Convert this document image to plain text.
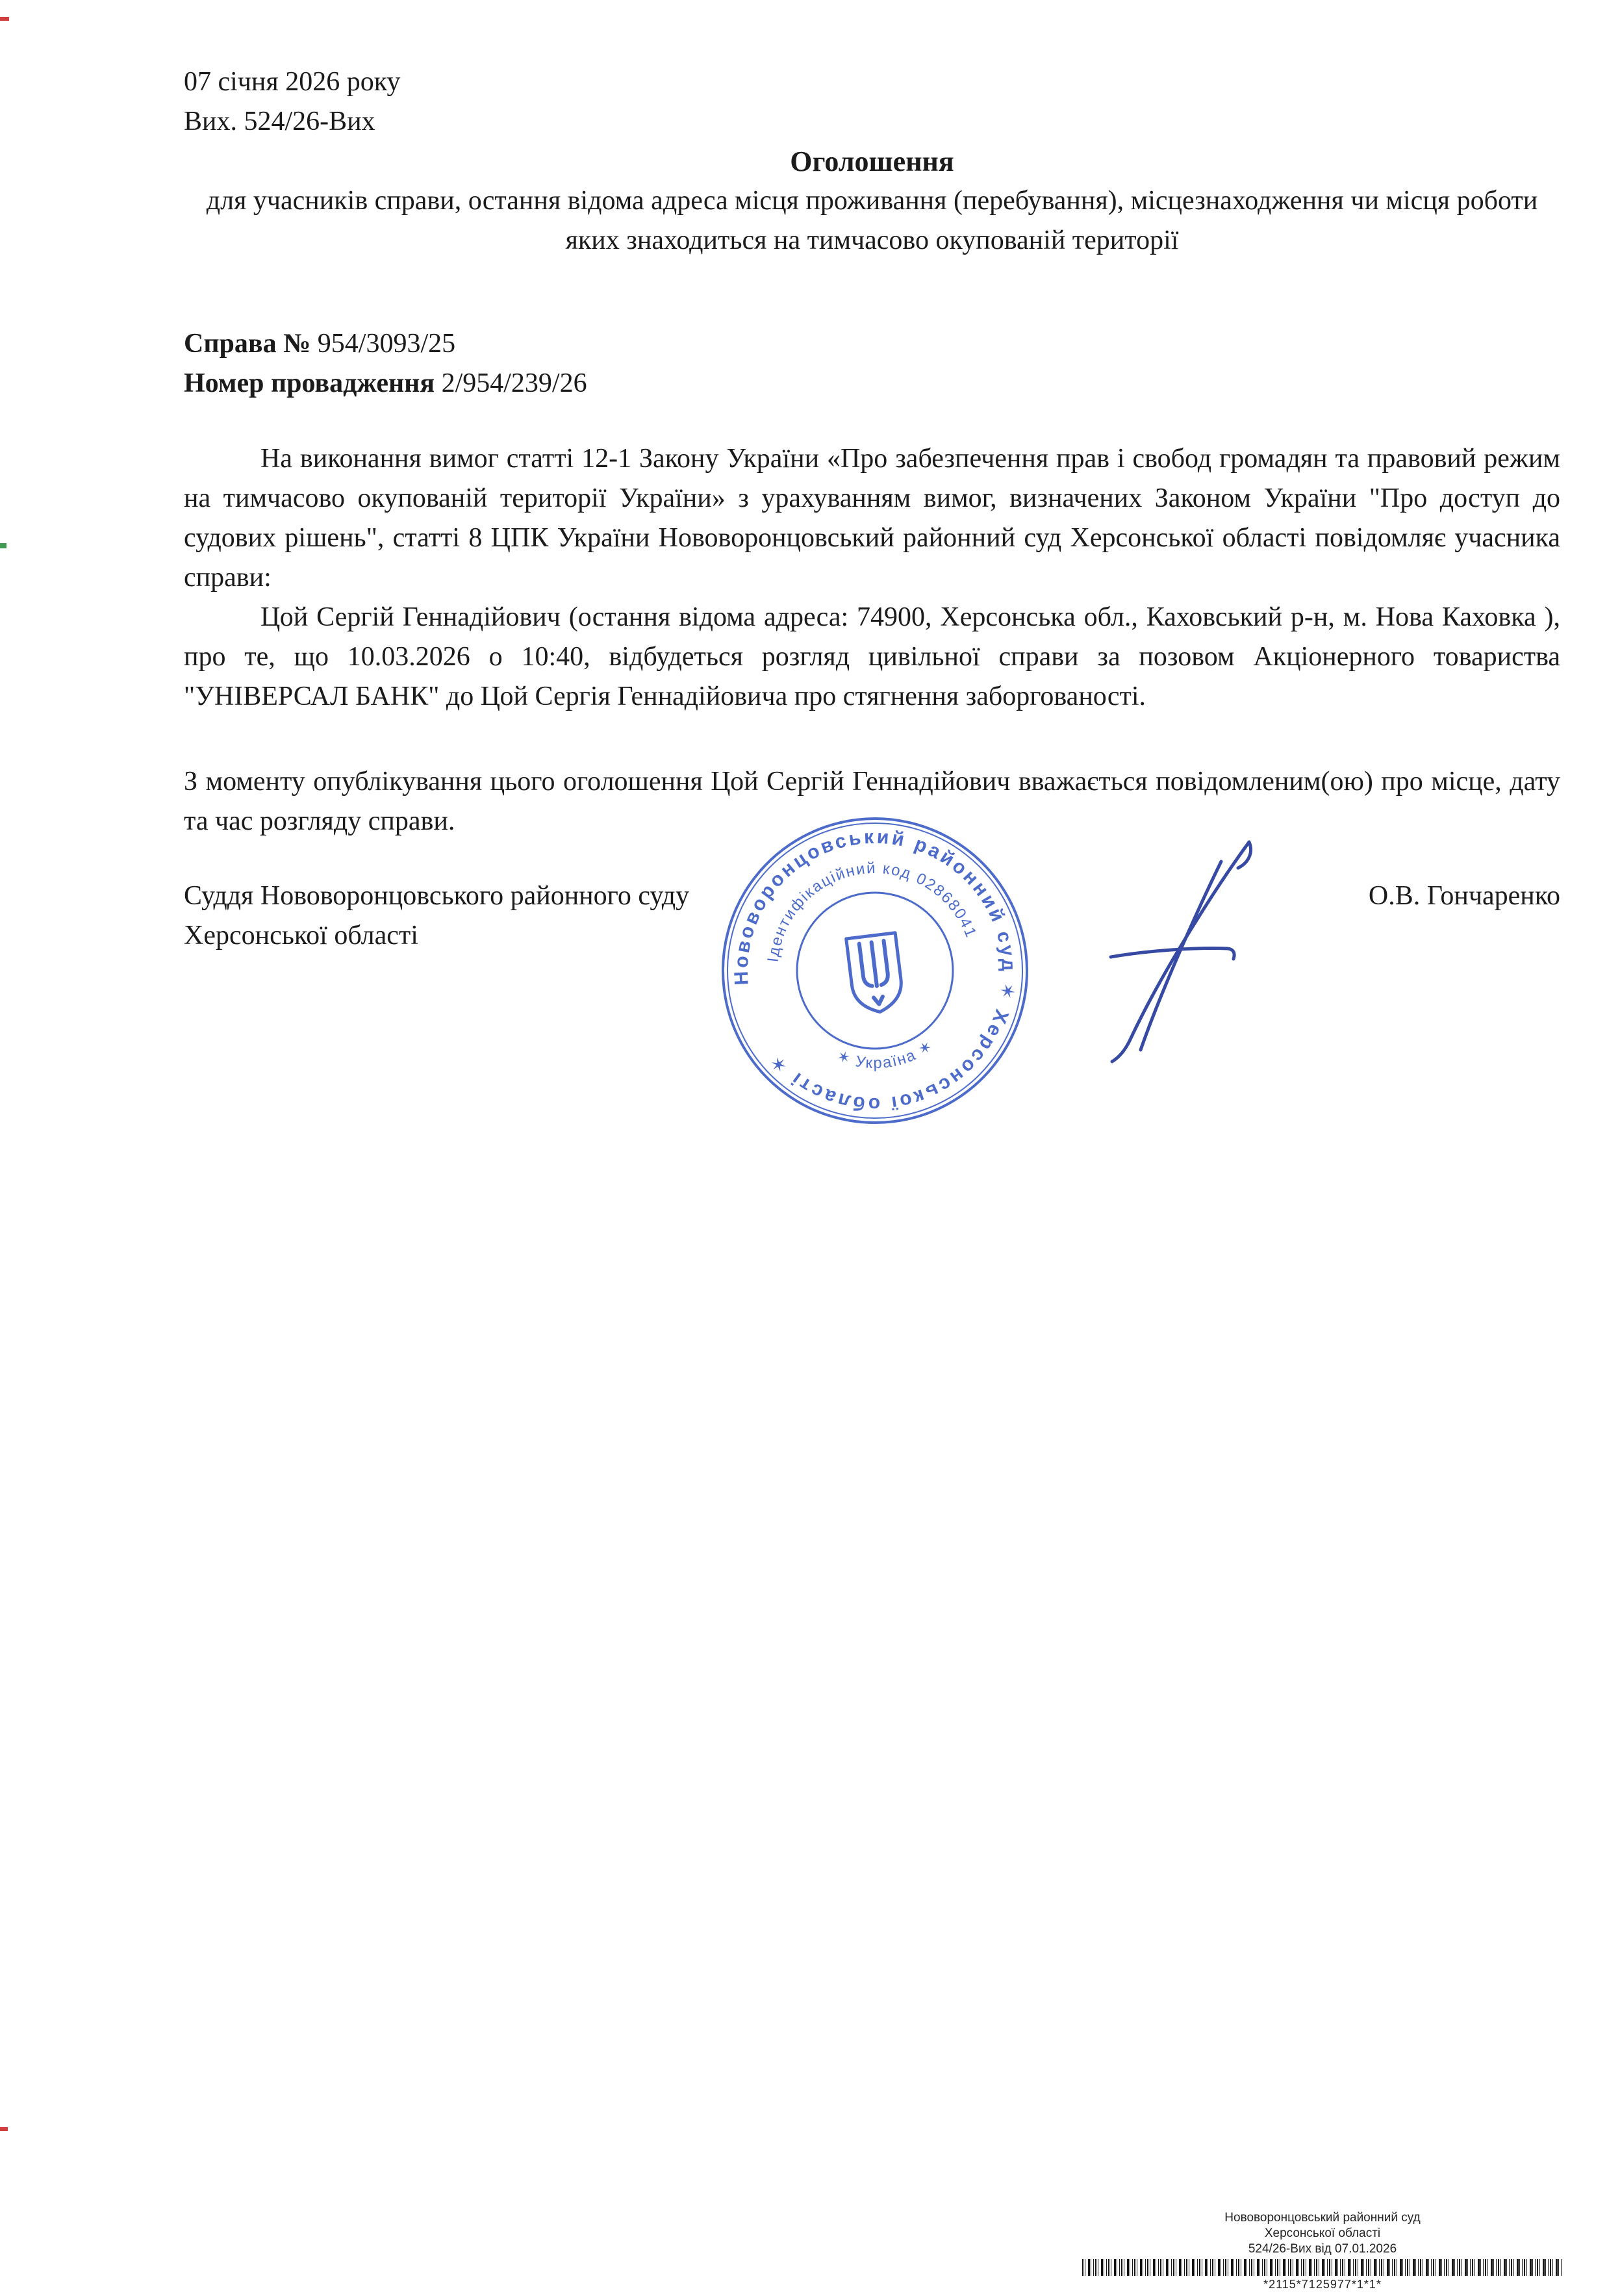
07 січня 2026 року
Вих. 524/26-Вих
Оголошення
для учасників справи, остання відома адреса місця проживання (перебування), місцезнаходження чи місця роботи яких знаходиться на тимчасово окупованій території
Справа № 954/3093/25
Номер провадження 2/954/239/26

На виконання вимог статті 12-1 Закону України «Про забезпечення прав і свобод громадян та правовий режим на тимчасово окупованій території України» з урахуванням вимог, визначених Законом України "Про доступ до судових рішень", статті 8 ЦПК України Нововоронцовський районний суд Херсонської області повідомляє учасника справи:

Цой Сергій Геннадійович (остання відома адреса: 74900, Херсонська обл., Каховський р-н, м. Нова Каховка ), про те, що 10.03.2026 о 10:40, відбудеться розгляд цивільної справи за позовом Акціонерного товариства "УНІВЕРСАЛ БАНК" до Цой Сергія Геннадійовича про стягнення заборгованості.

З моменту опублікування цього оголошення Цой Сергій Геннадійович вважається повідомленим(ою) про місце, дату та час розгляду справи.

Суддя Нововоронцовського районного суду
Херсонської області
О.В. Гончаренко
Нововоронцовський районний суд ✶ Херсонської області ✶
Ідентифікаційний код 02868041
✶ Україна ✶
Нововоронцовський районний суд
Херсонської області
524/26-Вих від 07.01.2026
*2115*7125977*1*1*
